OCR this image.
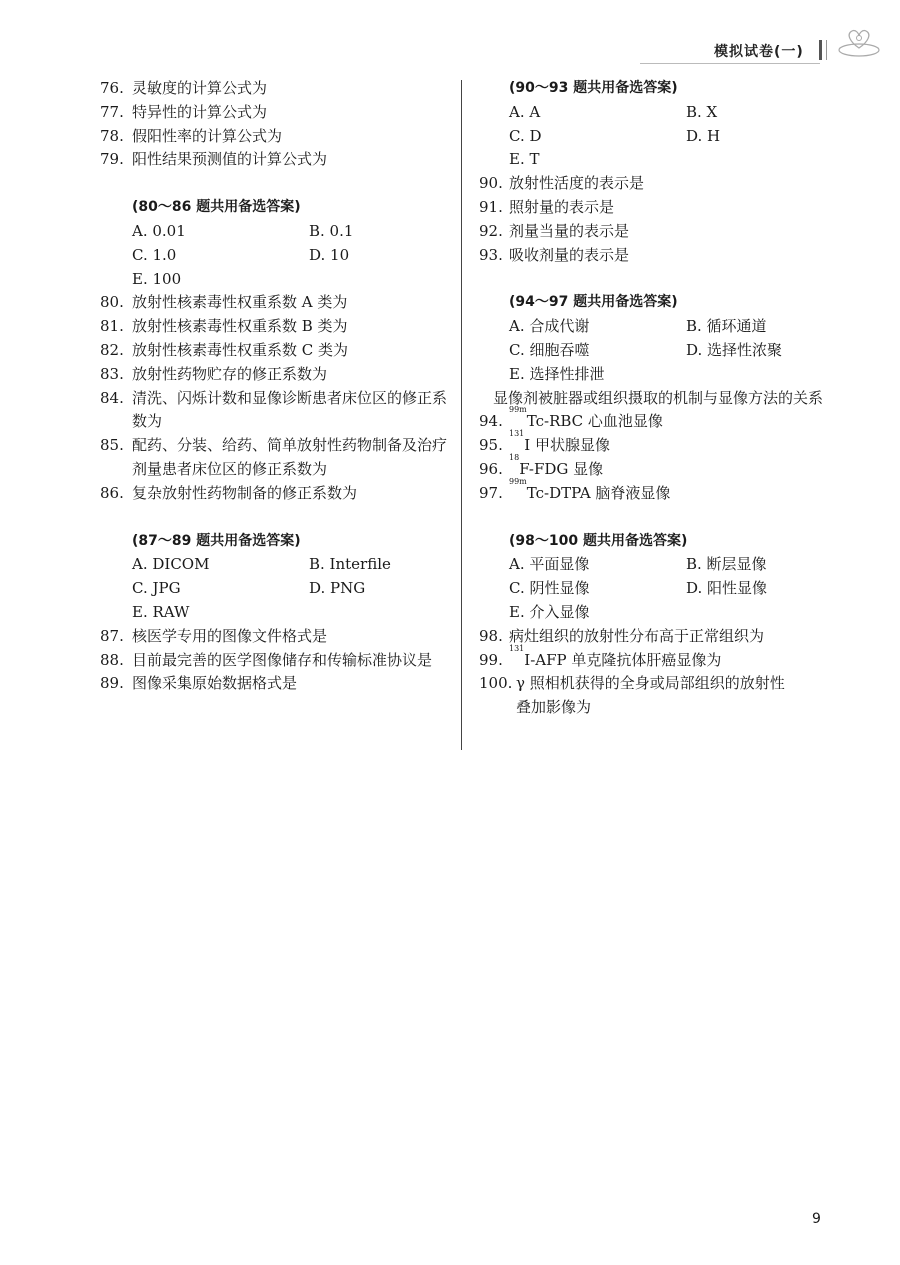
模拟试卷(一)
76. 灵敏度的计算公式为
77. 特异性的计算公式为
78. 假阳性率的计算公式为
79. 阳性结果预测值的计算公式为
(80～86 题共用备选答案)
A. 0.01	B. 0.1
C. 1.0	D. 10
E. 100
80. 放射性核素毒性权重系数 A 类为
81. 放射性核素毒性权重系数 B 类为
82. 放射性核素毒性权重系数 C 类为
83. 放射性药物贮存的修正系数为
84. 清洗、闪烁计数和显像诊断患者床位区的修正系数为
85. 配药、分装、给药、简单放射性药物制备及治疗剂量患者床位区的修正系数为
86. 复杂放射性药物制备的修正系数为
(87～89 题共用备选答案)
A. DICOM	B. Interfile
C. JPG	D. PNG
E. RAW
87. 核医学专用的图像文件格式是
88. 目前最完善的医学图像储存和传输标准协议是
89. 图像采集原始数据格式是
(90～93 题共用备选答案)
A. A	B. X
C. D	D. H
E. T
90. 放射性活度的表示是
91. 照射量的表示是
92. 剂量当量的表示是
93. 吸收剂量的表示是
(94～97 题共用备选答案)
A. 合成代谢	B. 循环通道
C. 细胞吞噬	D. 选择性浓聚
E. 选择性排泄
显像剂被脏器或组织摄取的机制与显像方法的关系
94.
99m
Tc-RBC 心血池显像
95.
131
I 甲状腺显像
96.
18
F-FDG 显像
97.
99m
Tc-DTPA 脑脊液显像
(98～100 题共用备选答案)
A. 平面显像	B. 断层显像
C. 阴性显像	D. 阳性显像
E. 介入显像
98. 病灶组织的放射性分布高于正常组织为
99.
131
I-AFP 单克隆抗体肝癌显像为
100. γ 照相机获得的全身或局部组织的放射性
叠加影像为
9
